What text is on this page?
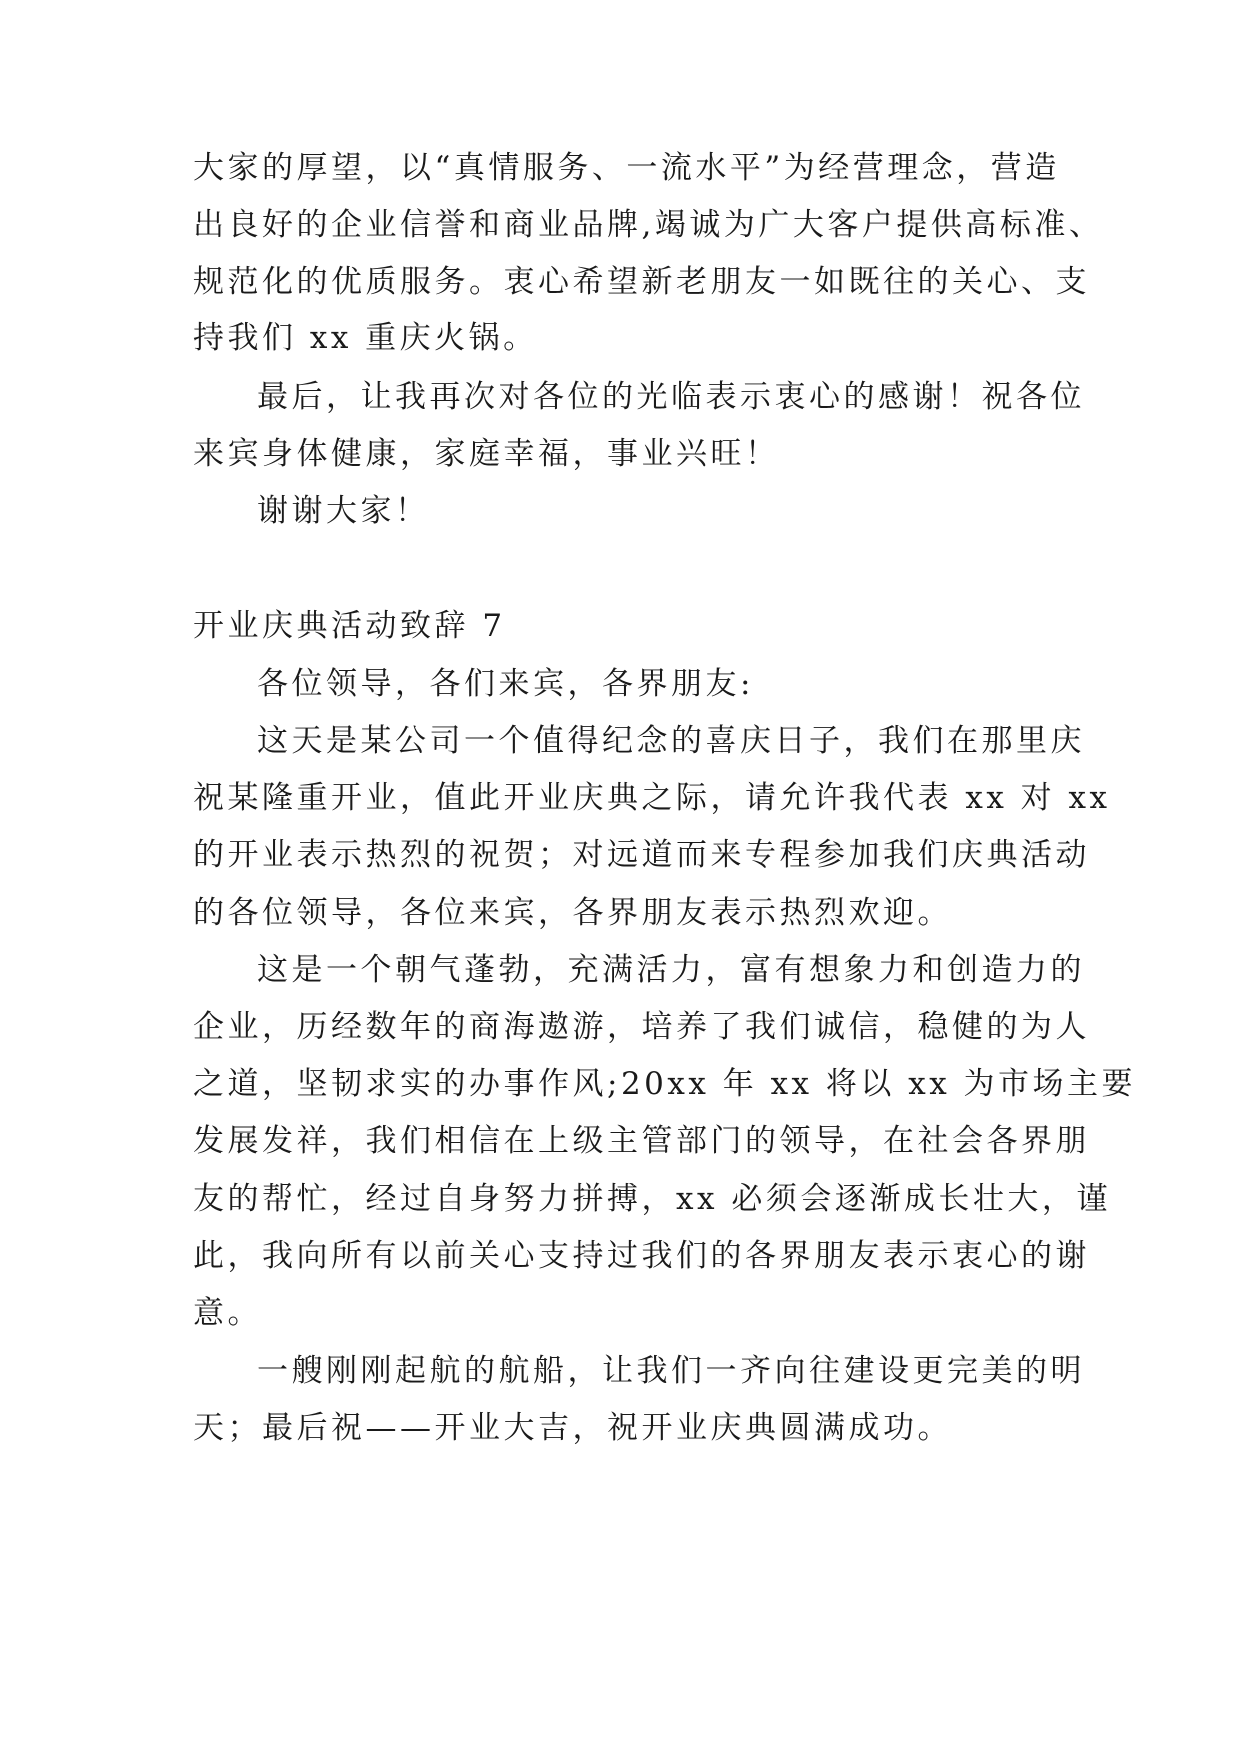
大家的厚望，以“真情服务、一流水平”为经营理念，营造
出良好的企业信誉和商业品牌,竭诚为广大客户提供高标准、
规范化的优质服务。衷心希望新老朋友一如既往的关心、支
持我们 xx 重庆火锅。
最后，让我再次对各位的光临表示衷心的感谢！祝各位
来宾身体健康，家庭幸福，事业兴旺！
谢谢大家！
开业庆典活动致辞 7
各位领导，各们来宾，各界朋友:
这天是某公司一个值得纪念的喜庆日子，我们在那里庆
祝某隆重开业，值此开业庆典之际，请允许我代表 xx 对 xx
的开业表示热烈的祝贺；对远道而来专程参加我们庆典活动
的各位领导，各位来宾，各界朋友表示热烈欢迎。
这是一个朝气蓬勃，充满活力，富有想象力和创造力的
企业，历经数年的商海遨游，培养了我们诚信，稳健的为人
之道，坚韧求实的办事作风;20xx 年 xx 将以 xx 为市场主要
发展发祥，我们相信在上级主管部门的领导，在社会各界朋
友的帮忙，经过自身努力拼搏，xx 必须会逐渐成长壮大，谨
此，我向所有以前关心支持过我们的各界朋友表示衷心的谢
意。
一艘刚刚起航的航船，让我们一齐向往建设更完美的明
天；最后祝——开业大吉，祝开业庆典圆满成功。
